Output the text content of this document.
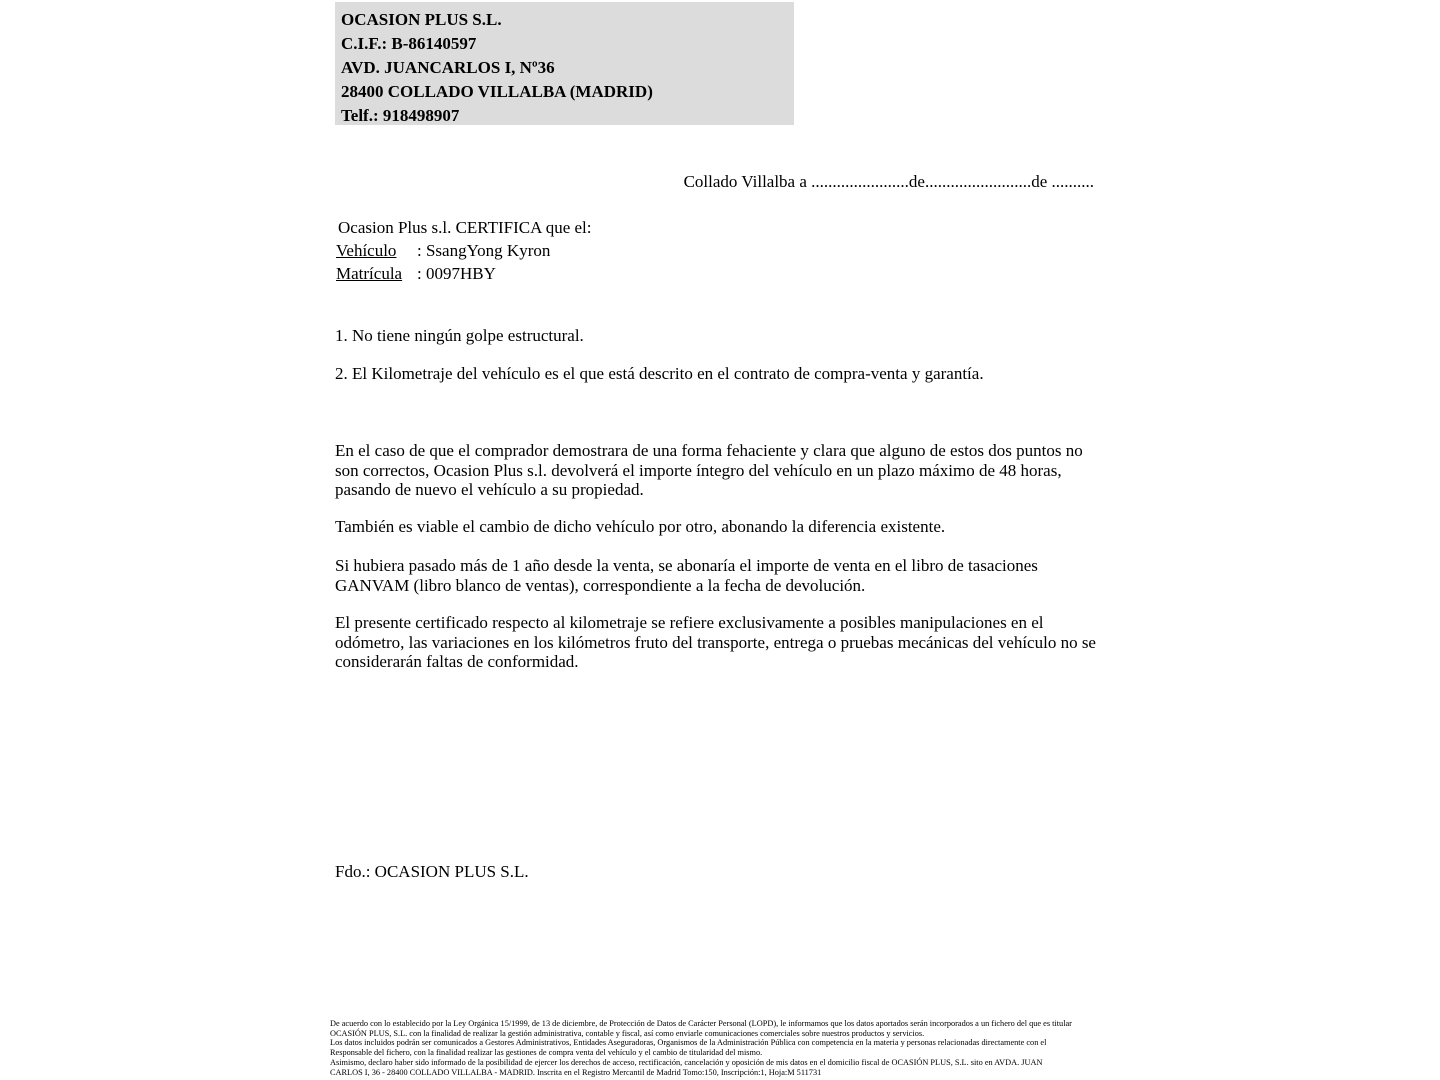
OCASION PLUS S.L.
C.I.F.: B-86140597
AVD. JUANCARLOS I, Nº36
28400 COLLADO VILLALBA (MADRID)
Telf.: 918498907
Collado Villalba a .......................de.........................de ..........
Ocasion Plus s.l. CERTIFICA que el:
Vehículo : SsangYong Kyron
Matrícula : 0097HBY
1. No tiene ningún golpe estructural.
2. El Kilometraje del vehículo es el que está descrito en el contrato de compra-venta y garantía.
En el caso de que el comprador demostrara de una forma fehaciente y clara que alguno de estos dos puntos no son correctos, Ocasion Plus s.l. devolverá el importe íntegro del vehículo en un plazo máximo de 48 horas, pasando de nuevo el vehículo a su propiedad.
También es viable el cambio de dicho vehículo por otro, abonando la diferencia existente.
Si hubiera pasado más de 1 año desde la venta, se abonaría el importe de venta en el libro de tasaciones GANVAM (libro blanco de ventas), correspondiente a la fecha de devolución.
El presente certificado respecto al kilometraje se refiere exclusivamente a posibles manipulaciones en el odómetro, las variaciones en los kilómetros fruto del transporte, entrega o pruebas mecánicas del vehículo no se considerarán faltas de conformidad.
Fdo.: OCASION PLUS S.L.
De acuerdo con lo establecido por la Ley Orgánica 15/1999, de 13 de diciembre, de Protección de Datos de Carácter Personal (LOPD), le informamos que los datos aportados serán incorporados a un fichero del que es titular
OCASIÓN PLUS, S.L. con la finalidad de realizar la gestión administrativa, contable y fiscal, así como enviarle comunicaciones comerciales sobre nuestros productos y servicios.
Los datos incluidos podrán ser comunicados a Gestores Administrativos, Entidades Aseguradoras, Organismos de la Administración Pública con competencia en la materia y personas relacionadas directamente con el
Responsable del fichero, con la finalidad realizar las gestiones de compra venta del vehículo y el cambio de titularidad del mismo.
Asimismo, declaro haber sido informado de la posibilidad de ejercer los derechos de acceso, rectificación, cancelación y oposición de mis datos en el domicilio fiscal de OCASIÓN PLUS, S.L. sito en AVDA. JUAN
CARLOS I, 36 - 28400 COLLADO VILLALBA - MADRID. Inscrita en el Registro Mercantil de Madrid Tomo:150, Inscripción:1, Hoja:M 511731
